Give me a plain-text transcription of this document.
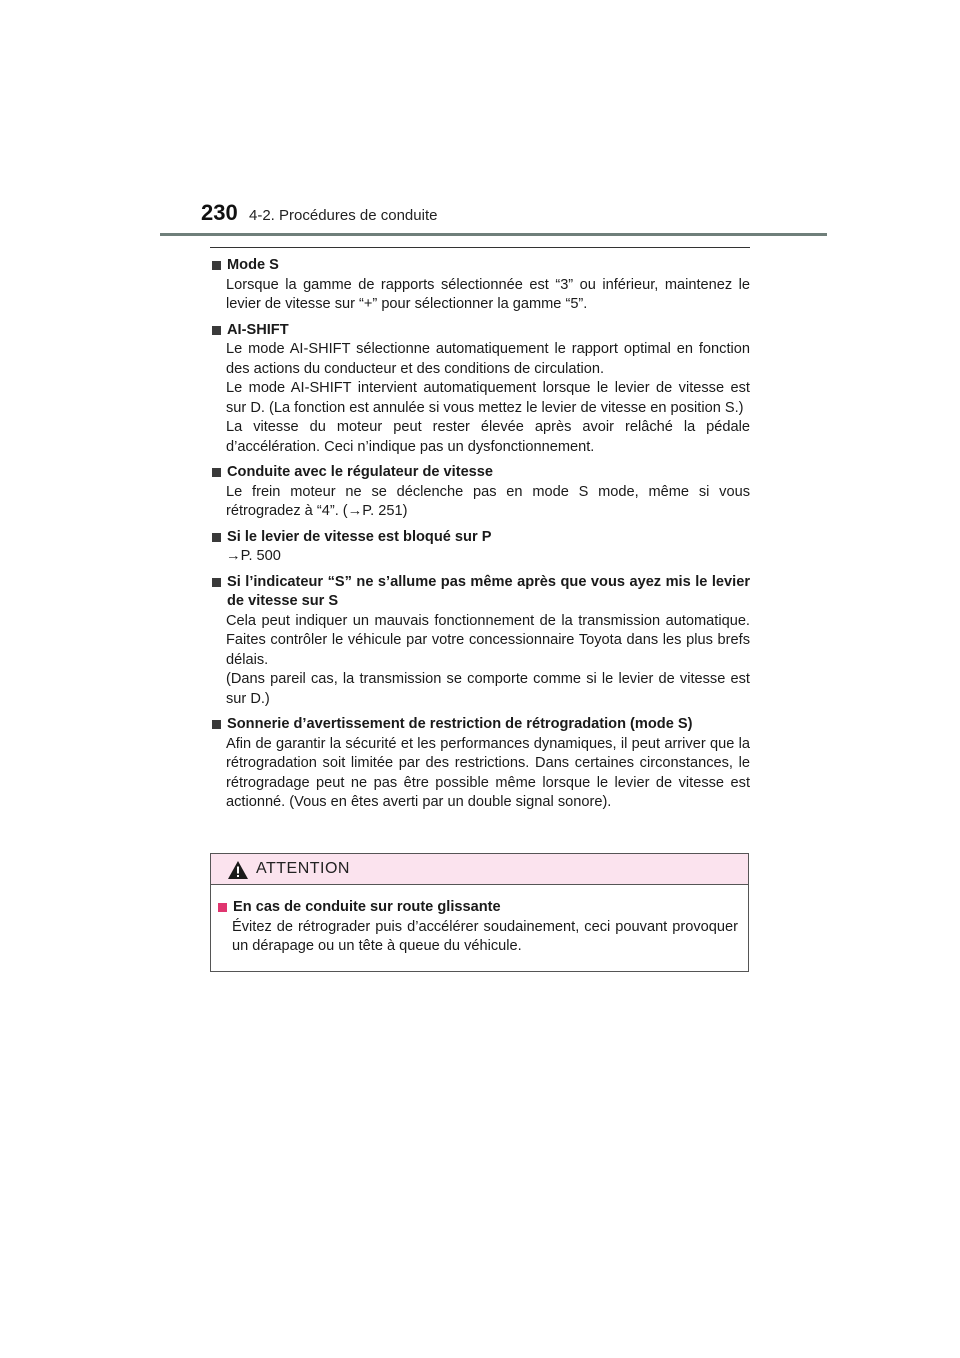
230 4-2. Procédures de conduite
Mode S
Lorsque la gamme de rapports sélectionnée est “3” ou inférieur, maintenez le levier de vitesse sur “+” pour sélectionner la gamme “5”.
AI-SHIFT
Le mode AI-SHIFT sélectionne automatiquement le rapport optimal en fonction des actions du conducteur et des conditions de circulation.
Le mode AI-SHIFT intervient automatiquement lorsque le levier de vitesse est sur D. (La fonction est annulée si vous mettez le levier de vitesse en position S.)
La vitesse du moteur peut rester élevée après avoir relâché la pédale d’accélération. Ceci n’indique pas un dysfonctionnement.
Conduite avec le régulateur de vitesse
Le frein moteur ne se déclenche pas en mode S mode, même si vous rétrogradez à “4”. (→P. 251)
Si le levier de vitesse est bloqué sur P
→P. 500
Si l’indicateur “S” ne s’allume pas même après que vous ayez mis le levier de vitesse sur S
Cela peut indiquer un mauvais fonctionnement de la transmission automatique. Faites contrôler le véhicule par votre concessionnaire Toyota dans les plus brefs délais.
(Dans pareil cas, la transmission se comporte comme si le levier de vitesse est sur D.)
Sonnerie d’avertissement de restriction de rétrogradation (mode S)
Afin de garantir la sécurité et les performances dynamiques, il peut arriver que la rétrogradation soit limitée par des restrictions. Dans certaines circonstances, le rétrogradage peut ne pas être possible même lorsque le levier de vitesse est actionné. (Vous en êtes averti par un double signal sonore).
ATTENTION
En cas de conduite sur route glissante
Évitez de rétrograder puis d’accélérer soudainement, ceci pouvant provoquer un dérapage ou un tête à queue du véhicule.
